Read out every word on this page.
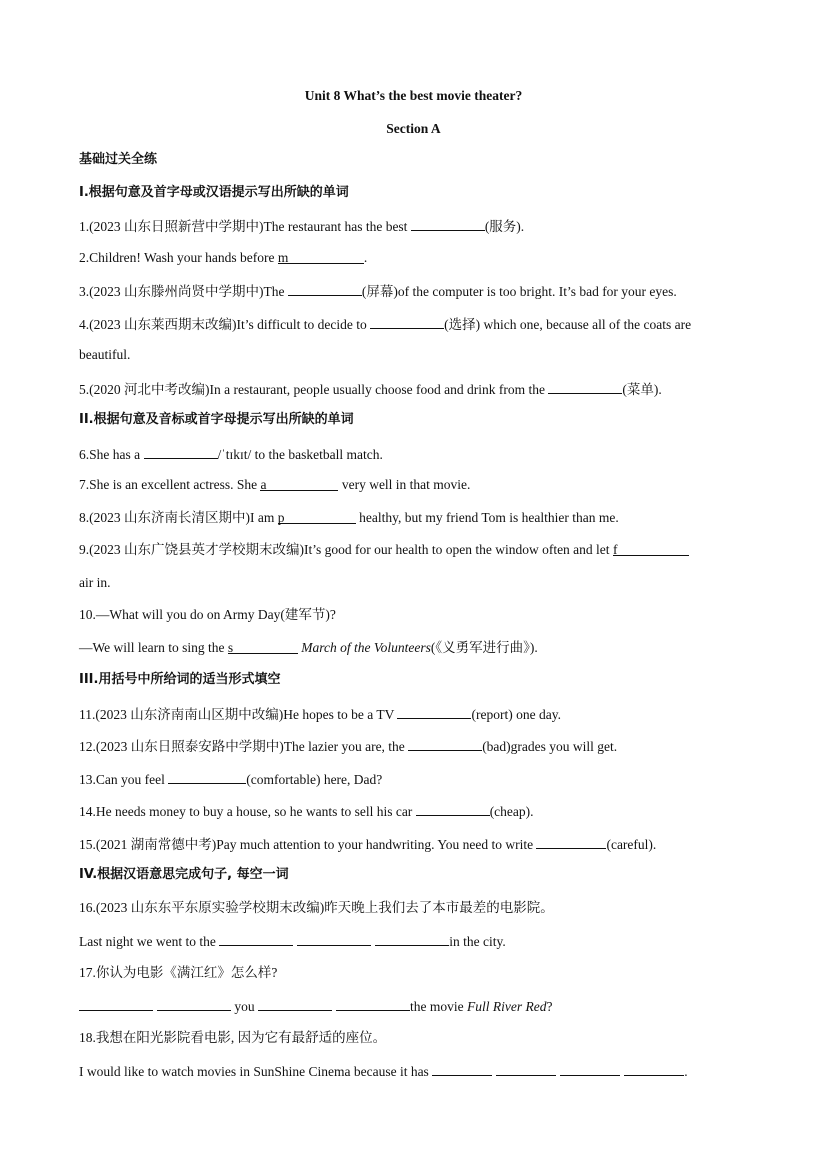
Unit 8 What’s the best movie theater?
Section A
基础过关全练
I.根据句意及首字母或汉语提示写出所缺的单词
1.(2023 山东日照新营中学期中)The restaurant has the best	(服务).
2.Children! Wash your hands before m	.
3.(2023 山东滕州尚贤中学期中)The	(屏幕)of the computer is too bright. It’s bad for your eyes.
4.(2023 山东莱西期末改编)It’s difficult to decide to	(选择) which one, because all of the coats are
beautiful.
5.(2020 河北中考改编)In a restaurant, people usually choose food and drink from the	(菜单).
II.根据句意及音标或首字母提示写出所缺的单词
6.She has a	/ˈtɪkɪt/ to the basketball match.
7.She is an excellent actress. She a	very well in that movie.
8.(2023 山东济南长清区期中)I am p	healthy, but my friend Tom is healthier than me.
9.(2023 山东广饶县英才学校期末改编)It’s good for our health to open the window often and let f
air in.
10.—What will you do on Army Day(建军节)?
—We will learn to sing the s	March of the Volunteers(《义勇军进行曲》).
III.用括号中所给词的适当形式填空
11.(2023 山东济南南山区期中改编)He hopes to be a TV	(report) one day.
12.(2023 山东日照泰安路中学期中)The lazier you are, the	(bad)grades you will get.
13.Can you feel	(comfortable) here, Dad?
14.He needs money to buy a house, so he wants to sell his car	(cheap).
15.(2021 湖南常德中考)Pay much attention to your handwriting. You need to write	(careful).
IV.根据汉语意思完成句子, 每空一词
16.(2023 山东东平东原实验学校期末改编)昨天晚上我们去了本市最差的电影院。
Last night we went to the	in the city.
17.你认为电影《满江红》怎么样?
you	the movie Full River Red?
18.我想在阳光影院看电影, 因为它有最舒适的座位。
I would like to watch movies in SunShine Cinema because it has	.
